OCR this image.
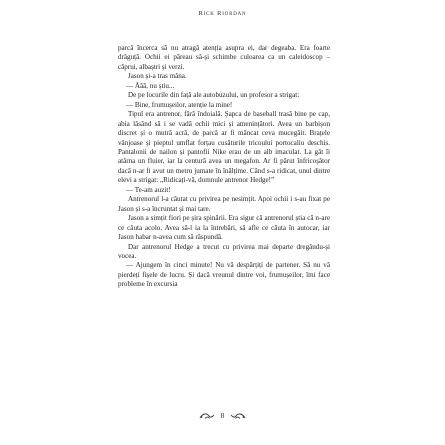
Rick Riordan

parcă încerca să nu atragă atenția asupra ei, dar degeaba. Era foarte drăguță. Ochii ei păreau să-și schimbe culoarea ca un caleidoscop – căprui, albaștri și verzi.

Jason și-a tras mâna.

— Ăăă, nu știu...

De pe locurile din față ale autobuzului, un profesor a strigat:

— Bine, frumușeilor, atenție la mine!

Tipul era antrenor, fără îndoială. Șapca de baseball trasă bine pe cap, abia lăsând să i se vadă ochii mici și amenințători. Avea un barbișon discret și o mutră acră, de parcă ar fi mâncat ceva mucegăit. Brațele vânjoase și pieptul umflat forțau cusăturile tricoului portocaliu deschis. Pantalonii de nailon și pantofii Nike erau de un alb imaculat. La gât îi atârna un fluier, iar la centură avea un megafon. Ar fi părut înfricoșător dacă n-ar fi avut un metru jumate în înălțime. Când s-a ridicat, unul dintre elevi a strigat: „Ridicați-vă, domnule antrenor Hedge!”

— Te-am auzit!

Antrenorul l-a căutat cu privirea pe nesimțit. Apoi ochii i s-au fixat pe Jason și s-a încruntat și mai tare.

Jason a simțit fiori pe șira spinării. Era sigur că antrenorul știa că n-are ce căuta acolo. Avea să-l ia la întrebări, să afle ce căuta în autocar, iar Jason habar n-avea cum să răspundă.

Dar antrenorul Hedge a trecut cu privirea mai departe dregându-și vocea.

— Ajungem în cinci minute! Nu vă despărțiți de partener. Să nu vă pierdeți fișele de lucru. Și dacă vreunul dintre voi, frumușeilor, îmi face probleme în excursia

8
